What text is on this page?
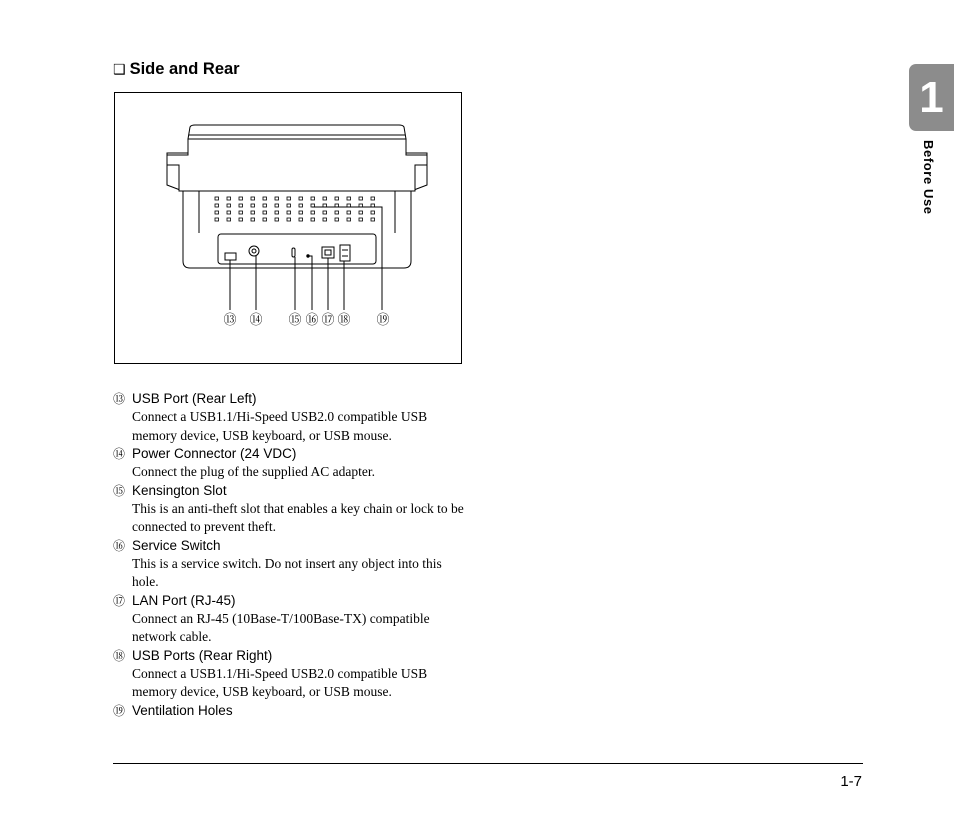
❑ Side and Rear
⑬ ⑭ ⑮ ⑯ ⑰ ⑱ ⑲
⑬ USB Port (Rear Left)
Connect a USB1.1/Hi-Speed USB2.0 compatible USB memory device, USB keyboard, or USB mouse.
⑭ Power Connector (24 VDC)
Connect the plug of the supplied AC adapter.
⑮ Kensington Slot
This is an anti-theft slot that enables a key chain or lock to be connected to prevent theft.
⑯ Service Switch
This is a service switch. Do not insert any object into this hole.
⑰ LAN Port (RJ-45)
Connect an RJ-45 (10Base-T/100Base-TX) compatible network cable.
⑱ USB Ports (Rear Right)
Connect a USB1.1/Hi-Speed USB2.0 compatible USB memory device, USB keyboard, or USB mouse.
⑲ Ventilation Holes
1
Before Use
1-7
